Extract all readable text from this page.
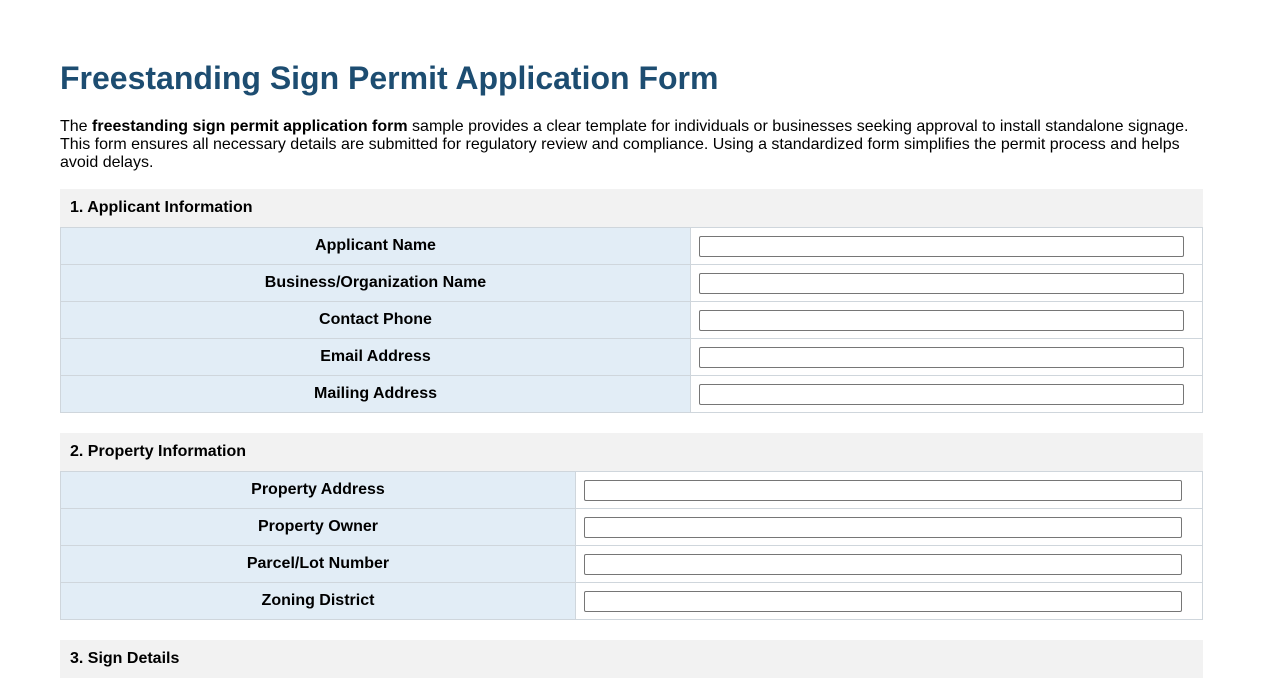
Freestanding Sign Permit Application Form

The freestanding sign permit application form sample provides a clear template for individuals or businesses seeking approval to install standalone signage. This form ensures all necessary details are submitted for regulatory review and compliance. Using a standardized form simplifies the permit process and helps avoid delays.

1. Applicant Information
Applicant Name	

Business/Organization Name	

Contact Phone	

Email Address	

Mailing Address	
2. Property Information
Property Address	

Property Owner	

Parcel/Lot Number	

Zoning District	
3. Sign Details
